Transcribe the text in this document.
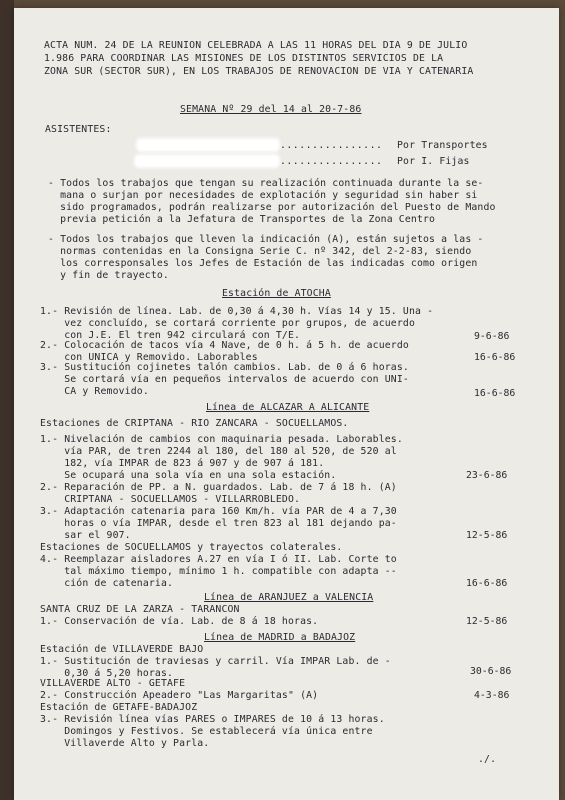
ACTA NUM. 24 DE LA REUNION CELEBRADA A LAS 11 HORAS DEL DIA 9 DE JULIO
1.986 PARA COORDINAR LAS MISIONES DE LOS DISTINTOS SERVICIOS DE LA
ZONA SUR (SECTOR SUR), EN LOS TRABAJOS DE RENOVACION DE VIA Y CATENARIA
SEMANA Nº 29 del 14 al 20-7-86
ASISTENTES:
................ Por Transportes
................ Por I. Fijas
- Todos los trabajos que tengan su realización continuada durante la se-
mana o surjan por necesidades de explotación y seguridad sin haber si
sido programados, podrán realizarse por autorización del Puesto de Mando
previa petición a la Jefatura de Transportes de la Zona Centro
- Todos los trabajos que lleven la indicación (A), están sujetos a las -
normas contenidas en la Consigna Serie C. nº 342, del 2-2-83, siendo
los corresponsales los Jefes de Estación de las indicadas como origen
y fin de trayecto.
Estación de ATOCHA
1.- Revisión de línea. Lab. de 0,30 á 4,30 h. Vías 14 y 15. Una -
vez concluído, se cortará corriente por grupos, de acuerdo
con J.E. El tren 942 circulará con T/E.	9-6-86
2.- Colocación de tacos vía 4 Nave, de 0 h. á 5 h. de acuerdo
con UNICA y Removido. Laborables	16-6-86
3.- Sustitución cojinetes talón cambios. Lab. de 0 á 6 horas.
Se cortará vía en pequeños intervalos de acuerdo con UNI-
CA y Removido.	16-6-86
Línea de ALCAZAR A ALICANTE
Estaciones de CRIPTANA - RIO ZANCARA - SOCUELLAMOS.
1.- Nivelación de cambios con maquinaria pesada. Laborables.
vía PAR, de tren 2244 al 180, del 180 al 520, de 520 al
182, vía IMPAR de 823 á 907 y de 907 á 181.
Se ocupará una sola vía en una sola estación.	23-6-86
2.- Reparación de PP. a N. guardados. Lab. de 7 á 18 h. (A)
CRIPTANA - SOCUELLAMOS - VILLARROBLEDO.
3.- Adaptación catenaria para 160 Km/h. vía PAR de 4 a 7,30
horas o vía IMPAR, desde el tren 823 al 181 dejando pa-
sar el 907.	12-5-86
Estaciones de SOCUELLAMOS y trayectos colaterales.
4.- Reemplazar aisladores A.27 en vía I ó II. Lab. Corte to
tal máximo tiempo, mínimo 1 h. compatible con adapta --
ción de catenaria.	16-6-86
Línea de ARANJUEZ a VALENCIA
SANTA CRUZ DE LA ZARZA - TARANCON
1.- Conservación de vía. Lab. de 8 á 18 horas.	12-5-86
Línea de MADRID a BADAJOZ
Estación de VILLAVERDE BAJO
1.- Sustitución de traviesas y carril. Vía IMPAR Lab. de -
0,30 á 5,20 horas.	30-6-86
VILLAVERDE ALTO - GETAFE
2.- Construcción Apeadero "Las Margaritas" (A)	4-3-86
Estación de GETAFE-BADAJOZ
3.- Revisión línea vías PARES o IMPARES de 10 á 13 horas.
Domingos y Festivos. Se establecerá vía única entre
Villaverde Alto y Parla.
./.
